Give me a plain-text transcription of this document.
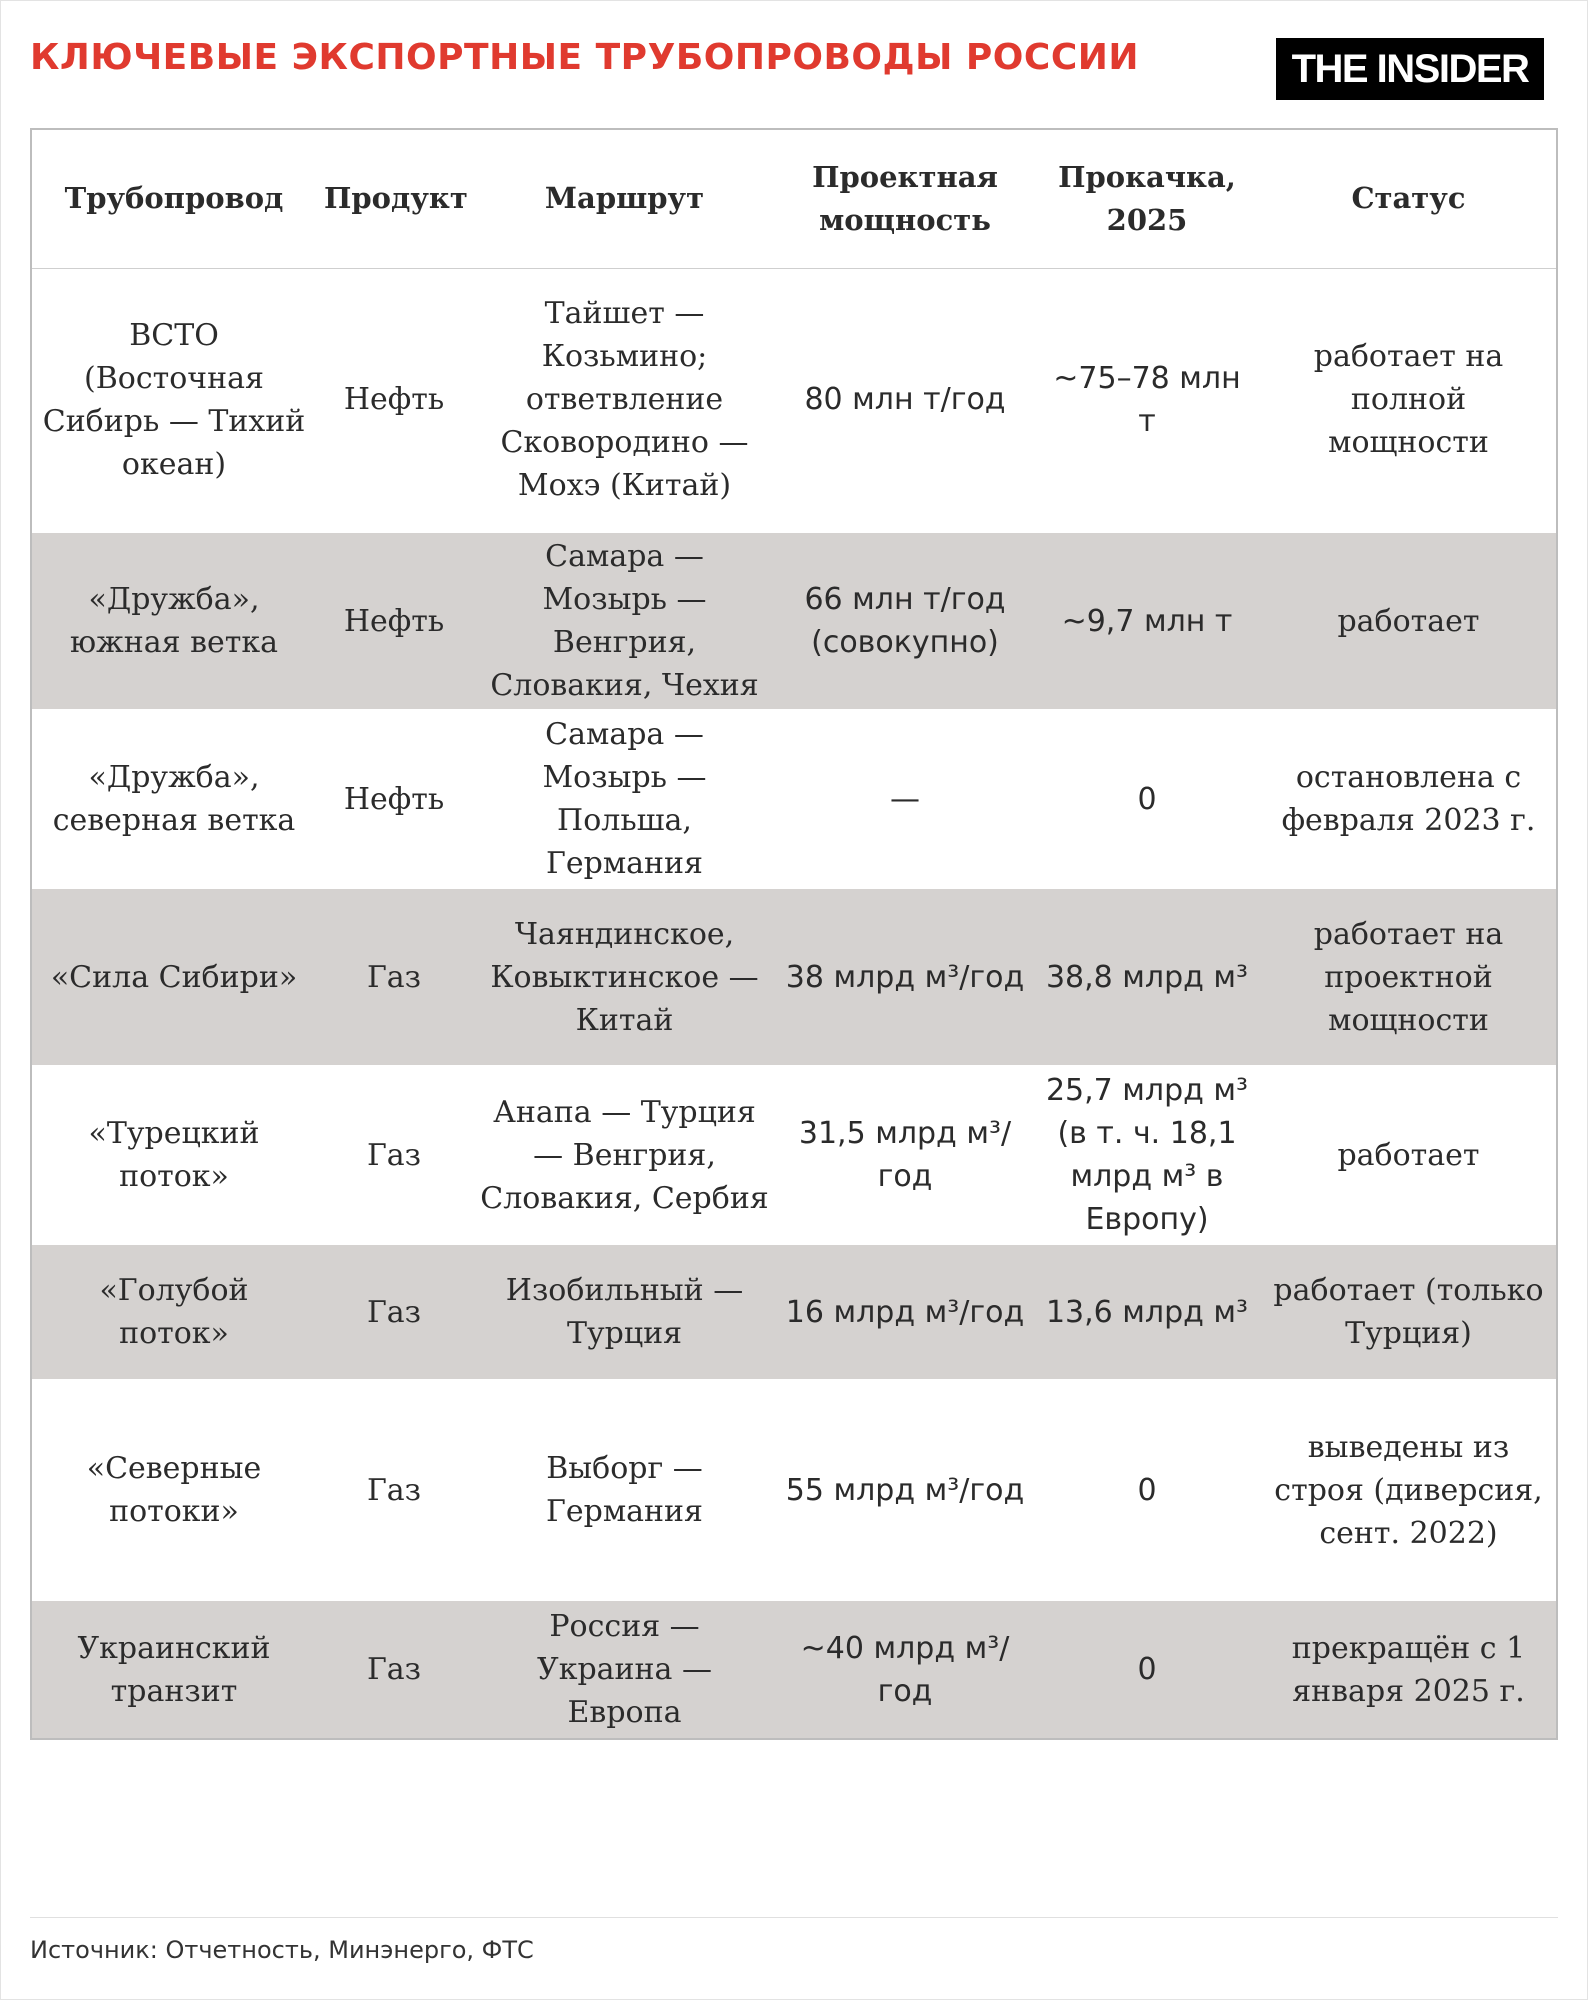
КЛЮЧЕВЫЕ ЭКСПОРТНЫЕ ТРУБОПРОВОДЫ РОССИИ	THE INSIDER
Трубопровод	Продукт	Маршрут	Проектная мощность	Прокачка, 2025	Статус
ВСТО (Восточная Сибирь — Тихий океан)	Нефть	Тайшет — Козьмино; ответвление Сковородино — Мохэ (Китай)	80 млн т/год	~75–78 млн т	работает на полной мощности
«Дружба», южная ветка	Нефть	Самара — Мозырь — Венгрия, Словакия, Чехия	66 млн т/год (совокупно)	~9,7 млн т	работает
«Дружба», северная ветка	Нефть	Самара — Мозырь — Польша, Германия	—	0	остановлена с февраля 2023 г.
«Сила Сибири»	Газ	Чаяндинское, Ковыктинское — Китай	38 млрд м³/год	38,8 млрд м³	работает на проектной мощности
«Турецкий поток»	Газ	Анапа — Турция — Венгрия, Словакия, Сербия	31,5 млрд м³/год	25,7 млрд м³ (в т. ч. 18,1 млрд м³ в Европу)	работает
«Голубой поток»	Газ	Изобильный — Турция	16 млрд м³/год	13,6 млрд м³	работает (только Турция)
«Северные потоки»	Газ	Выборг — Германия	55 млрд м³/год	0	выведены из строя (диверсия, сент. 2022)
Украинский транзит	Газ	Россия — Украина — Европа	~40 млрд м³/год	0	прекращён с 1 января 2025 г.
Источник: Отчетность, Минэнерго, ФТС
